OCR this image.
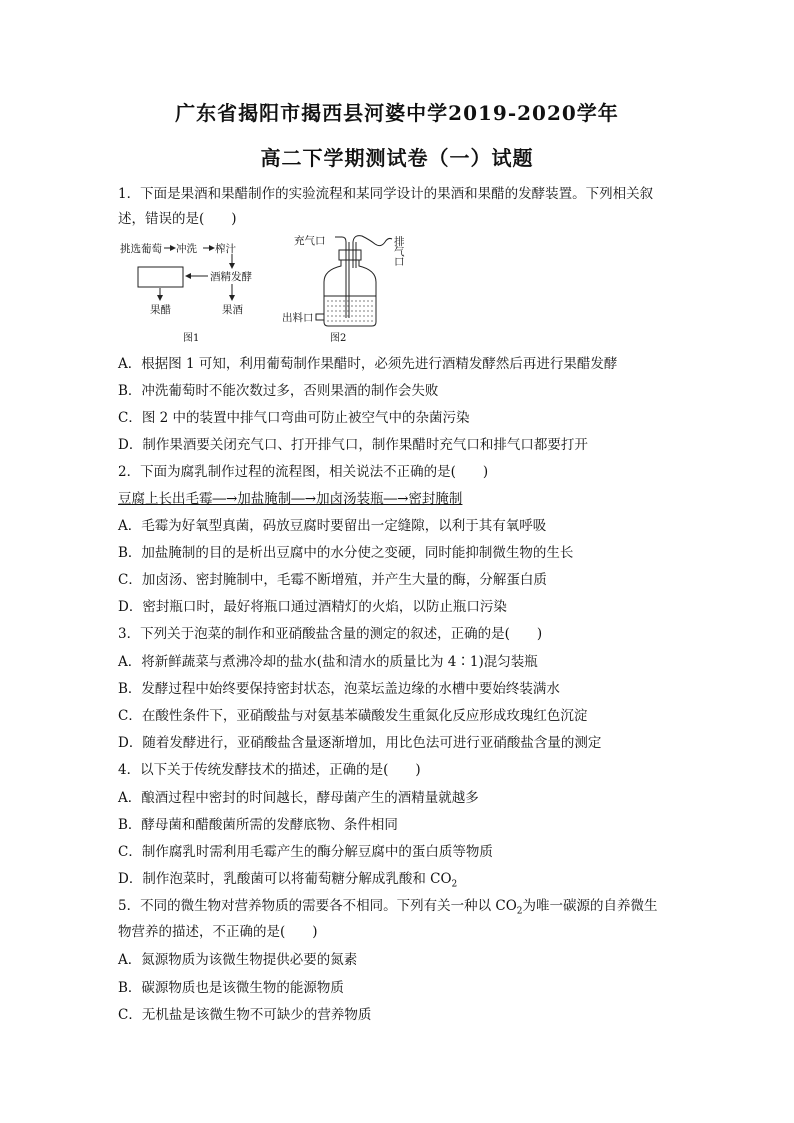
广东省揭阳市揭西县河婆中学2019-2020学年
高二下学期测试卷（一）试题
1．下面是果酒和果醋制作的实验流程和某同学设计的果酒和果醋的发酵装置。下列相关叙
述，错误的是(　　)
挑选葡萄 冲洗 榨汁
酒精发酵
果醋	果酒
图1
充气口	排气口
出料口
图2
A．根据图 1 可知，利用葡萄制作果醋时，必须先进行酒精发酵然后再进行果醋发酵
B．冲洗葡萄时不能次数过多，否则果酒的制作会失败
C．图 2 中的装置中排气口弯曲可防止被空气中的杂菌污染
D．制作果酒要关闭充气口、打开排气口，制作果醋时充气口和排气口都要打开
2．下面为腐乳制作过程的流程图，相关说法不正确的是(　　)
豆腐上长出毛霉―→加盐腌制―→加卤汤装瓶―→密封腌制
A．毛霉为好氧型真菌，码放豆腐时要留出一定缝隙，以利于其有氧呼吸
B．加盐腌制的目的是析出豆腐中的水分使之变硬，同时能抑制微生物的生长
C．加卤汤、密封腌制中，毛霉不断增殖，并产生大量的酶，分解蛋白质
D．密封瓶口时，最好将瓶口通过酒精灯的火焰，以防止瓶口污染
3．下列关于泡菜的制作和亚硝酸盐含量的测定的叙述，正确的是(　　)
A．将新鲜蔬菜与煮沸冷却的盐水(盐和清水的质量比为 4∶1)混匀装瓶
B．发酵过程中始终要保持密封状态，泡菜坛盖边缘的水槽中要始终装满水
C．在酸性条件下，亚硝酸盐与对氨基苯磺酸发生重氮化反应形成玫瑰红色沉淀
D．随着发酵进行，亚硝酸盐含量逐渐增加，用比色法可进行亚硝酸盐含量的测定
4．以下关于传统发酵技术的描述，正确的是(　　)
A．酿酒过程中密封的时间越长，酵母菌产生的酒精量就越多
B．酵母菌和醋酸菌所需的发酵底物、条件相同
C．制作腐乳时需利用毛霉产生的酶分解豆腐中的蛋白质等物质
D．制作泡菜时，乳酸菌可以将葡萄糖分解成乳酸和 $CO_2$
5．不同的微生物对营养物质的需要各不相同。下列有关一种以 $CO_2$为唯一碳源的自养微生
物营养的描述，不正确的是(　　)
A．氮源物质为该微生物提供必要的氮素
B．碳源物质也是该微生物的能源物质
C．无机盐是该微生物不可缺少的营养物质
